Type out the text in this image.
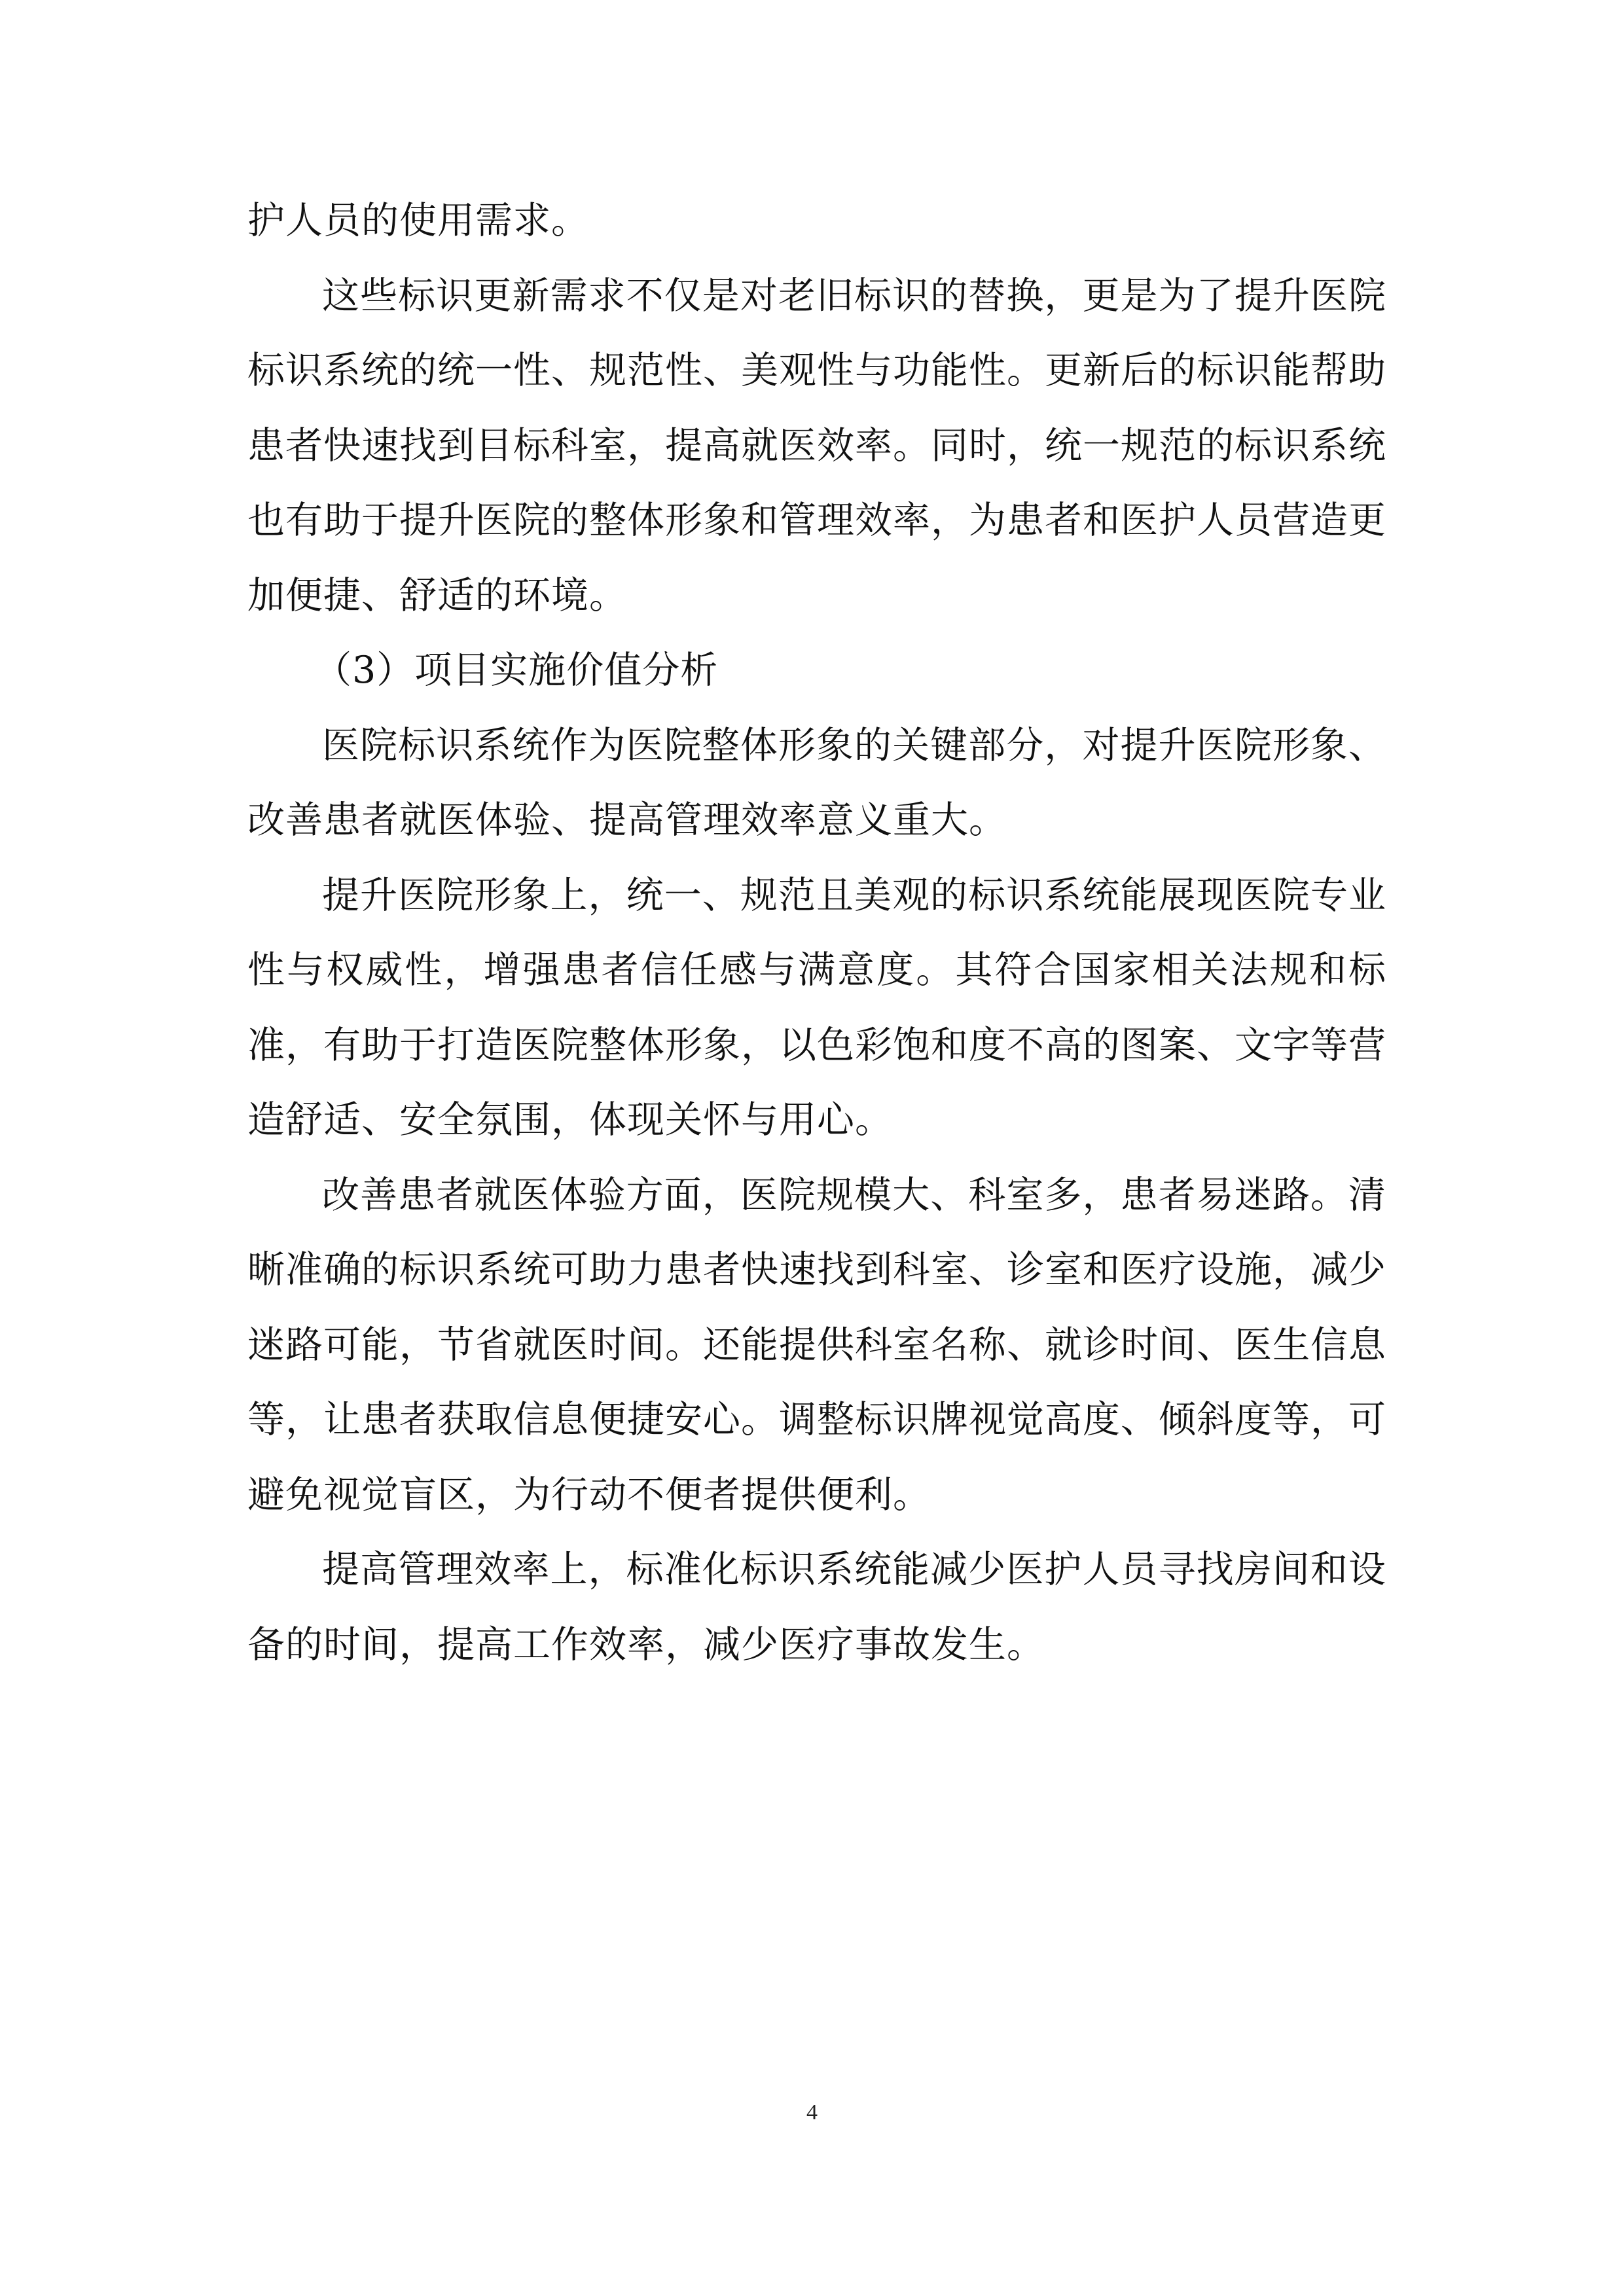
护人员的使用需求。

这些标识更新需求不仅是对老旧标识的替换，更是为了提升医院标识系统的统一性、规范性、美观性与功能性。更新后的标识能帮助患者快速找到目标科室，提高就医效率。同时，统一规范的标识系统也有助于提升医院的整体形象和管理效率，为患者和医护人员营造更加便捷、舒适的环境。

（3）项目实施价值分析

医院标识系统作为医院整体形象的关键部分，对提升医院形象、改善患者就医体验、提高管理效率意义重大。

提升医院形象上，统一、规范且美观的标识系统能展现医院专业性与权威性，增强患者信任感与满意度。其符合国家相关法规和标准，有助于打造医院整体形象，以色彩饱和度不高的图案、文字等营造舒适、安全氛围，体现关怀与用心。

改善患者就医体验方面，医院规模大、科室多，患者易迷路。清晰准确的标识系统可助力患者快速找到科室、诊室和医疗设施，减少迷路可能，节省就医时间。还能提供科室名称、就诊时间、医生信息等，让患者获取信息便捷安心。调整标识牌视觉高度、倾斜度等，可避免视觉盲区，为行动不便者提供便利。

提高管理效率上，标准化标识系统能减少医护人员寻找房间和设备的时间，提高工作效率，减少医疗事故发生。

4
